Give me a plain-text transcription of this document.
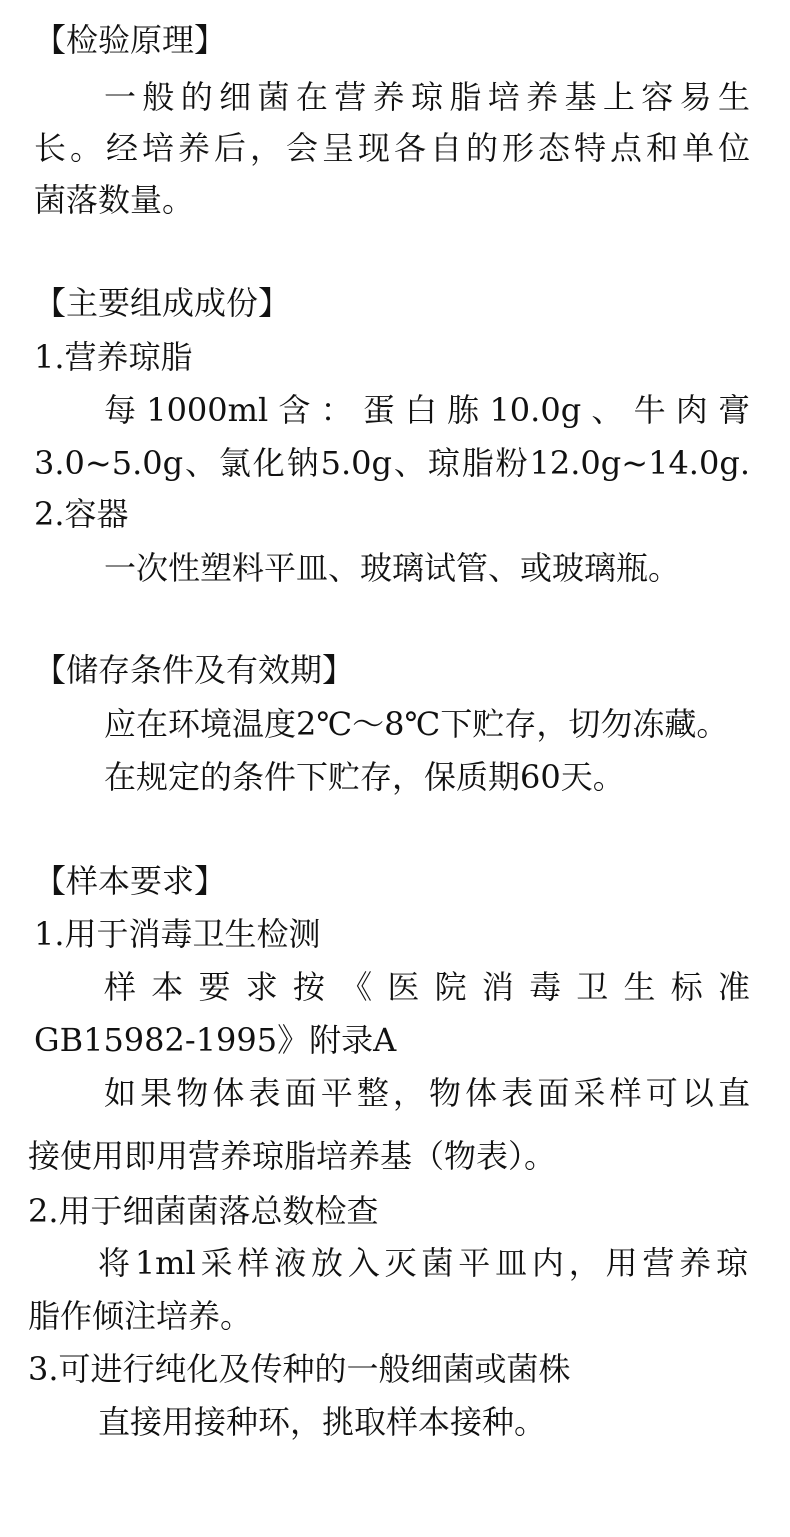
【检验原理】
一般的细菌在营养琼脂培养基上容易生
长。经培养后，会呈现各自的形态特点和单位
菌落数量。
【主要组成成份】
1.营养琼脂
每1000ml含：蛋白胨10.0g、牛肉膏
3.0~5.0g、氯化钠5.0g、琼脂粉12.0g~14.0g.
2.容器
一次性塑料平皿、玻璃试管、或玻璃瓶。
【储存条件及有效期】
应在环境温度2℃～8℃下贮存，切勿冻藏。
在规定的条件下贮存，保质期60天。
【样本要求】
1.用于消毒卫生检测
样本要求按《医院消毒卫生标准
GB15982-1995》附录A
如果物体表面平整，物体表面采样可以直
接使用即用营养琼脂培养基（物表）。
2.用于细菌菌落总数检查
将1ml采样液放入灭菌平皿内，用营养琼
脂作倾注培养。
3.可进行纯化及传种的一般细菌或菌株
直接用接种环，挑取样本接种。
